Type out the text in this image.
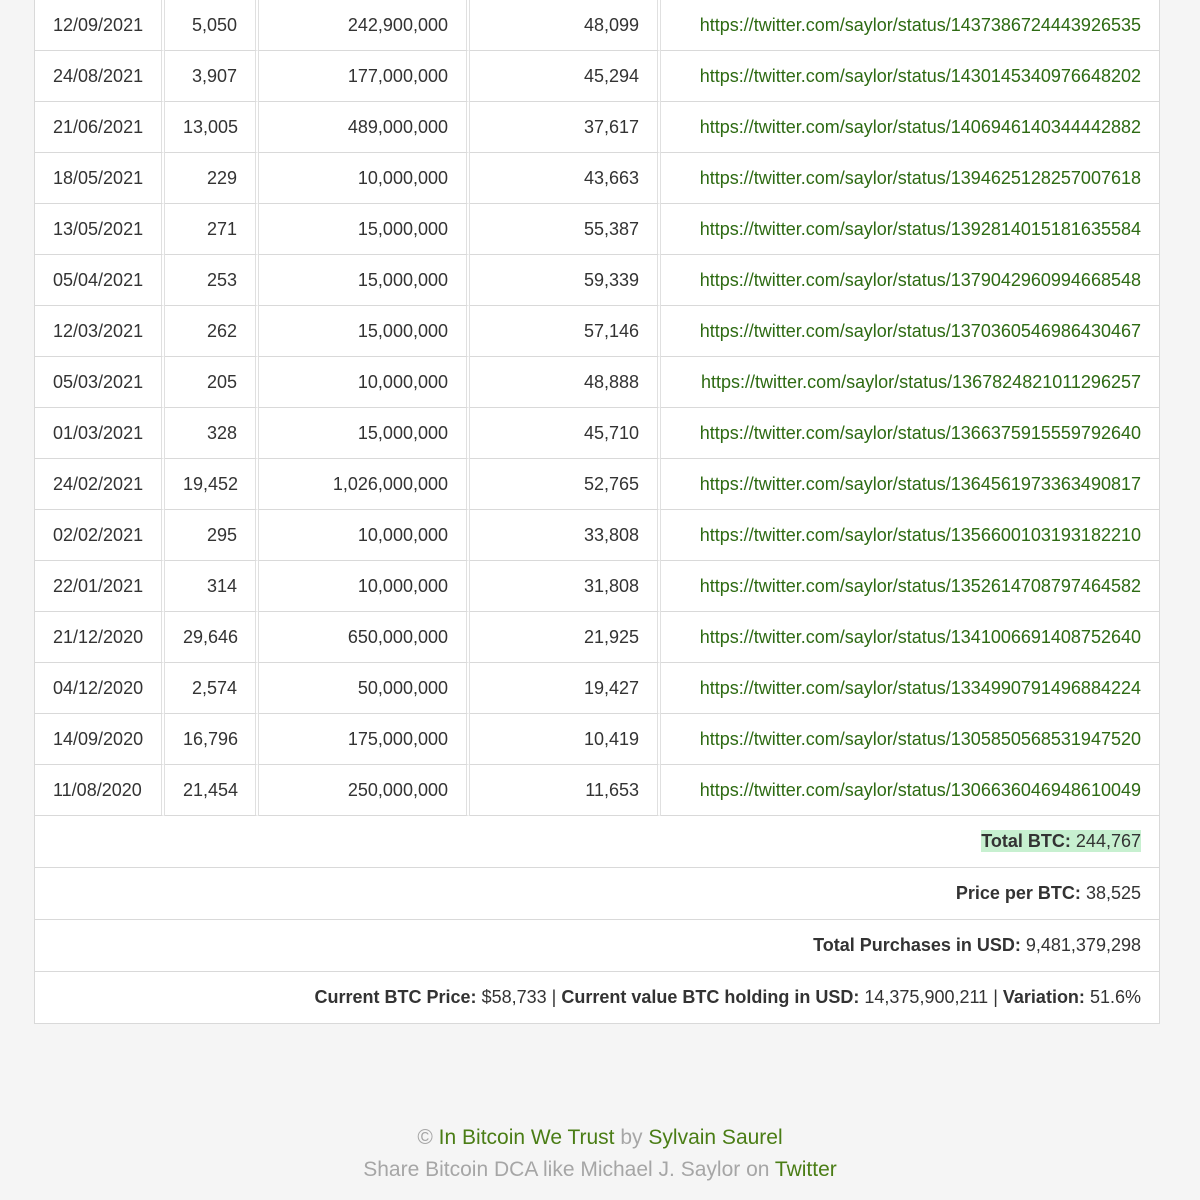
12/09/2021	5,050	242,900,000	48,099	https://twitter.com/saylor/status/1437386724443926535
24/08/2021	3,907	177,000,000	45,294	https://twitter.com/saylor/status/1430145340976648202
21/06/2021	13,005	489,000,000	37,617	https://twitter.com/saylor/status/1406946140344442882
18/05/2021	229	10,000,000	43,663	https://twitter.com/saylor/status/1394625128257007618
13/05/2021	271	15,000,000	55,387	https://twitter.com/saylor/status/1392814015181635584
05/04/2021	253	15,000,000	59,339	https://twitter.com/saylor/status/1379042960994668548
12/03/2021	262	15,000,000	57,146	https://twitter.com/saylor/status/1370360546986430467
05/03/2021	205	10,000,000	48,888	https://twitter.com/saylor/status/1367824821011296257
01/03/2021	328	15,000,000	45,710	https://twitter.com/saylor/status/1366375915559792640
24/02/2021	19,452	1,026,000,000	52,765	https://twitter.com/saylor/status/1364561973363490817
02/02/2021	295	10,000,000	33,808	https://twitter.com/saylor/status/1356600103193182210
22/01/2021	314	10,000,000	31,808	https://twitter.com/saylor/status/1352614708797464582
21/12/2020	29,646	650,000,000	21,925	https://twitter.com/saylor/status/1341006691408752640
04/12/2020	2,574	50,000,000	19,427	https://twitter.com/saylor/status/1334990791496884224
14/09/2020	16,796	175,000,000	10,419	https://twitter.com/saylor/status/1305850568531947520
11/08/2020	21,454	250,000,000	11,653	https://twitter.com/saylor/status/1306636046948610049
Total BTC: 244,767				
Price per BTC: 38,525				
Total Purchases in USD: 9,481,379,298				
Current BTC Price: $58,733 | Current value BTC holding in USD: 14,375,900,211 | Variation: 51.6%				
© In Bitcoin We Trust by Sylvain Saurel
Share Bitcoin DCA like Michael J. Saylor on Twitter
